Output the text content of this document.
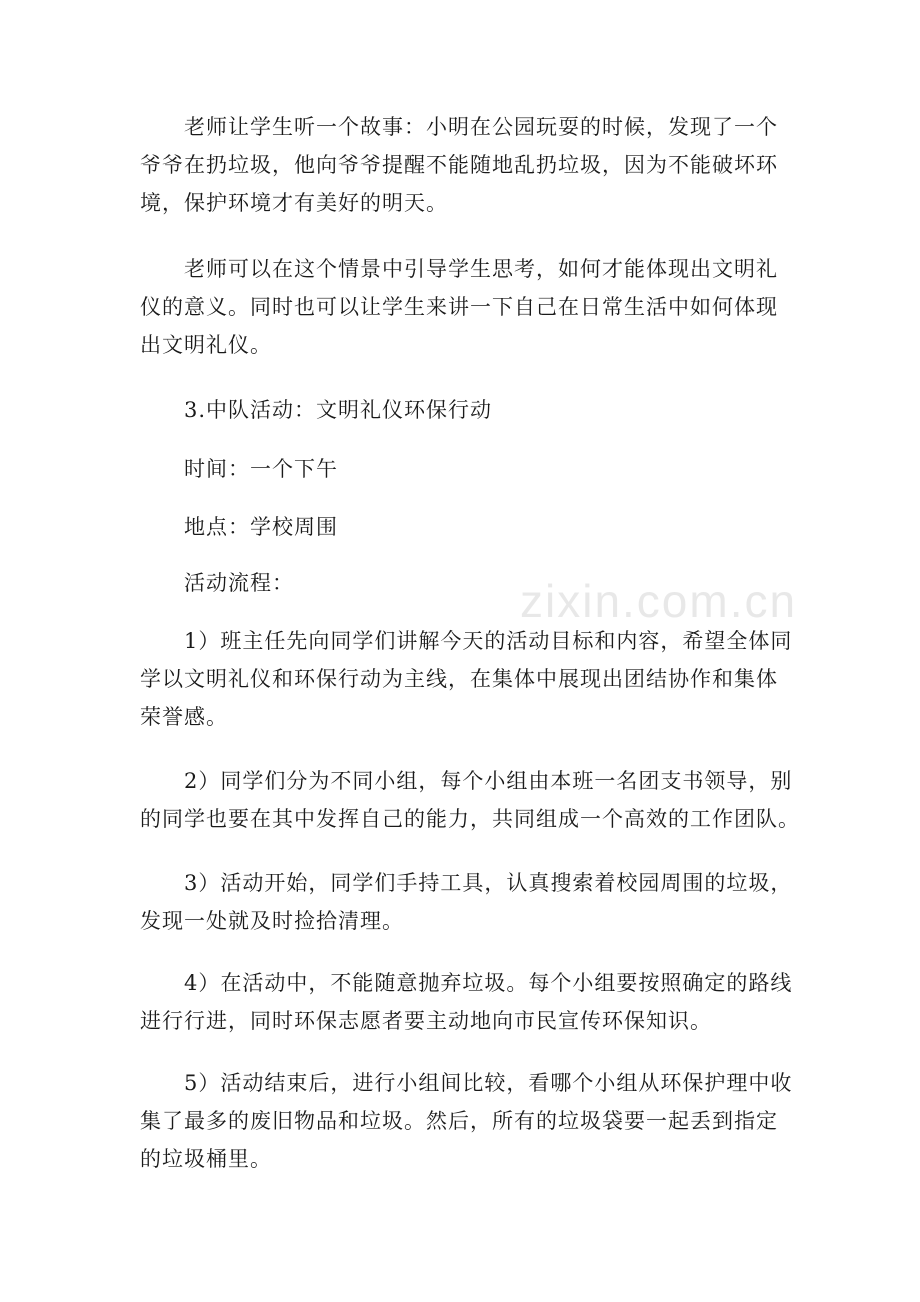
zixin.com.cn

老师让学生听一个故事：小明在公园玩耍的时候，发现了一个
爷爷在扔垃圾，他向爷爷提醒不能随地乱扔垃圾，因为不能破坏环
境，保护环境才有美好的明天。

老师可以在这个情景中引导学生思考，如何才能体现出文明礼
仪的意义。同时也可以让学生来讲一下自己在日常生活中如何体现
出文明礼仪。

3.中队活动：文明礼仪环保行动

时间：一个下午

地点：学校周围

活动流程：

1）班主任先向同学们讲解今天的活动目标和内容，希望全体同
学以文明礼仪和环保行动为主线，在集体中展现出团结协作和集体
荣誉感。

2）同学们分为不同小组，每个小组由本班一名团支书领导，别
的同学也要在其中发挥自己的能力，共同组成一个高效的工作团队。

3）活动开始，同学们手持工具，认真搜索着校园周围的垃圾，
发现一处就及时捡拾清理。

4）在活动中，不能随意抛弃垃圾。每个小组要按照确定的路线
进行行进，同时环保志愿者要主动地向市民宣传环保知识。

5）活动结束后，进行小组间比较，看哪个小组从环保护理中收
集了最多的废旧物品和垃圾。然后，所有的垃圾袋要一起丢到指定
的垃圾桶里。
